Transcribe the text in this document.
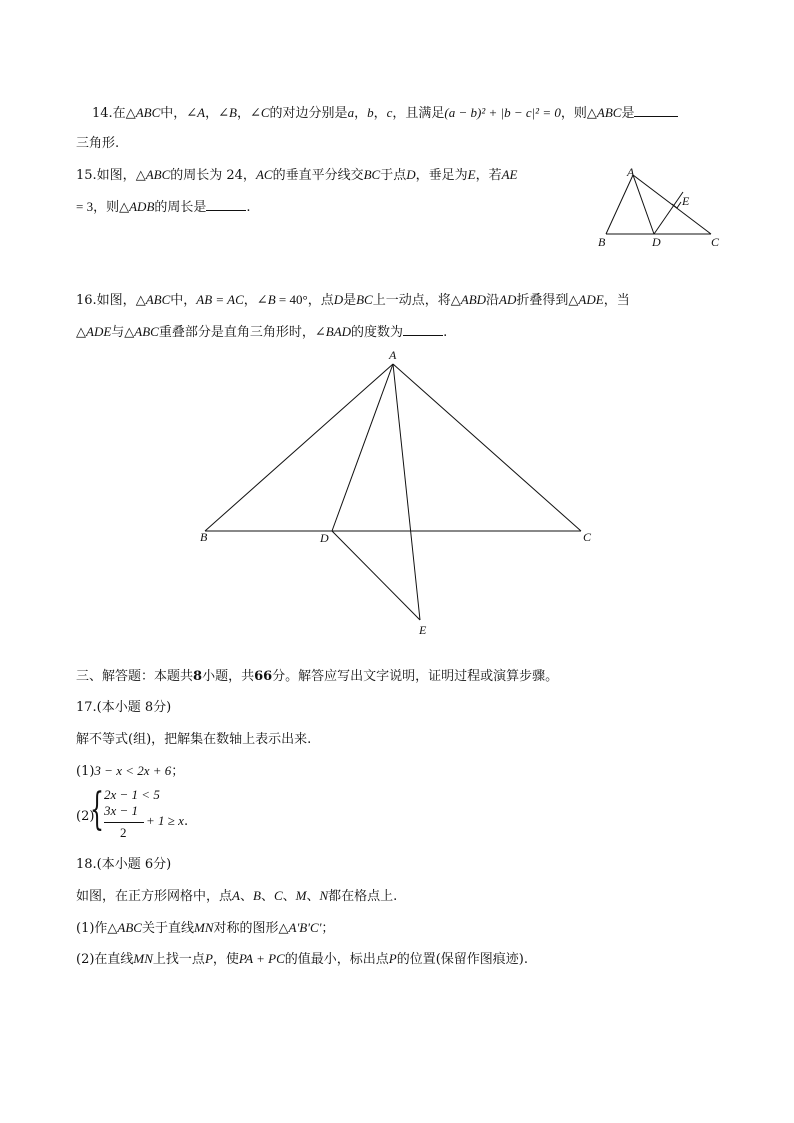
14.在△ABC中，∠A，∠B，∠C的对边分别是a，b，c，且满足(a − b)² + |b − c|² = 0，则△ABC是
三角形.
15.如图，△ABC的周长为 24，AC的垂直平分线交BC于点D，垂足为E，若AE
= 3，则△ADB的周长是	.
A
B	C
D
E
16.如图，△ABC中，AB = AC，∠B = 40°，点D是BC上一动点，将△ABD沿AD折叠得到△ADE，当
△ADE与△ABC重叠部分是直角三角形时，∠BAD的度数为	.
A
B	C
D
E
三、解答题：本题共8小题，共66分。解答应写出文字说明，证明过程或演算步骤。
17.(本小题 8分)
解不等式(组)，把解集在数轴上表示出来.
(1)3 − x < 2x + 6；
(2)
{ 2x − 1 < 5
3x − 1
2
+ 1 ≥ x.
18.(本小题 6分)
如图，在正方形网格中，点A、B、C、M、N都在格点上.
(1)作△ABC关于直线MN对称的图形△A'B'C'；
(2)在直线MN上找一点P，使PA + PC的值最小，标出点P的位置(保留作图痕迹).
